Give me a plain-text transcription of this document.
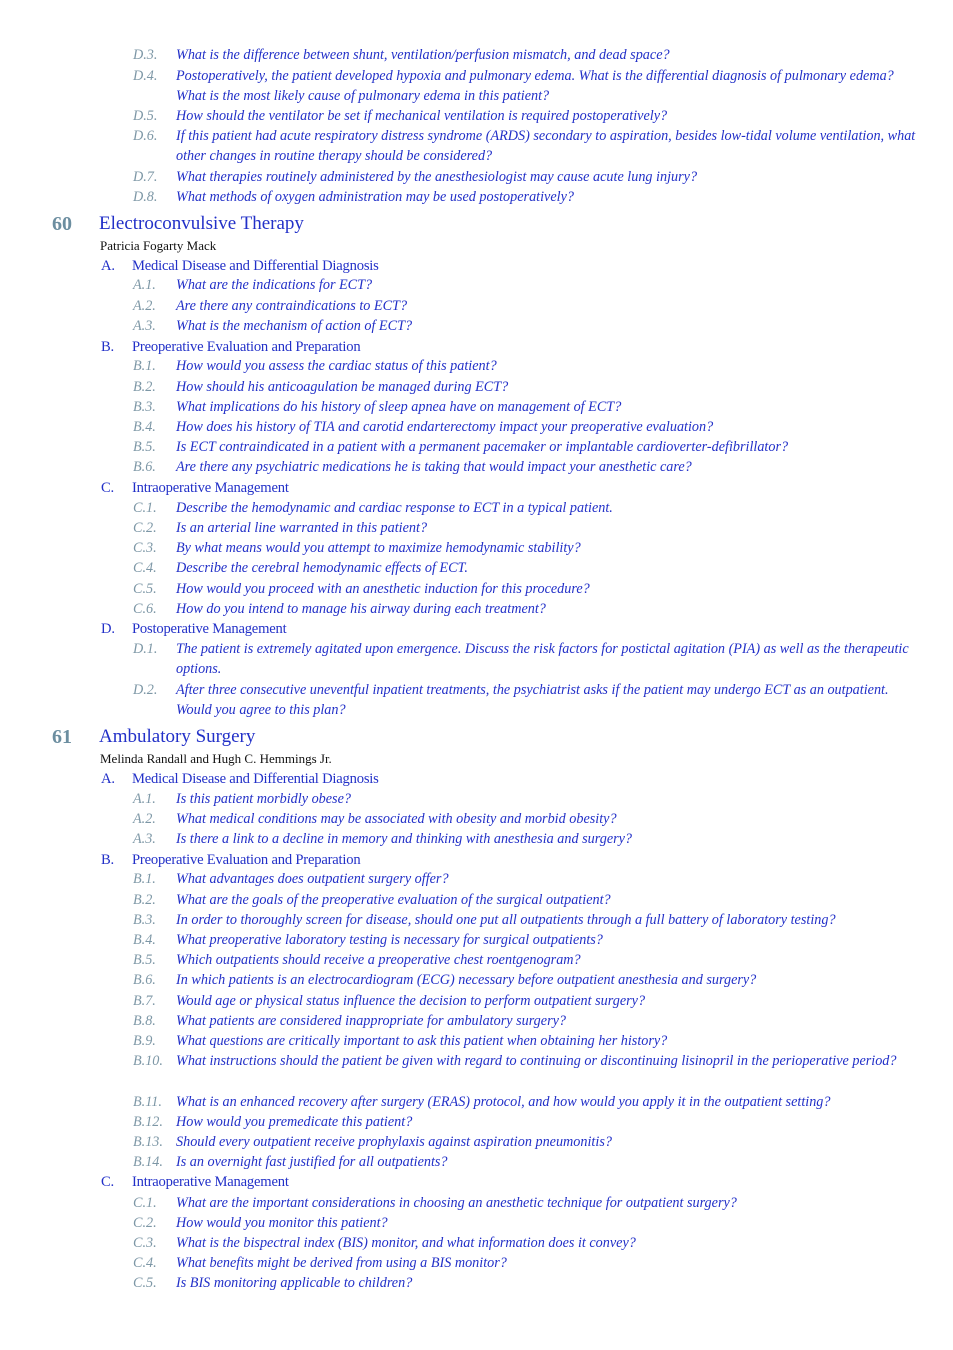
D.3.	What is the difference between shunt, ventilation/perfusion mismatch, and dead space?
D.4.	Postoperatively, the patient developed hypoxia and pulmonary edema. What is the differential diagnosis of pulmonary edema? What is the most likely cause of pulmonary edema in this patient?
D.5.	How should the ventilator be set if mechanical ventilation is required postoperatively?
D.6.	If this patient had acute respiratory distress syndrome (ARDS) secondary to aspiration, besides low-tidal volume ventilation, what other changes in routine therapy should be considered?
D.7.	What therapies routinely administered by the anesthesiologist may cause acute lung injury?
D.8.	What methods of oxygen administration may be used postoperatively?
60 Electroconvulsive Therapy
Patricia Fogarty Mack
A. Medical Disease and Differential Diagnosis
A.1.	What are the indications for ECT?
A.2.	Are there any contraindications to ECT?
A.3.	What is the mechanism of action of ECT?
B. Preoperative Evaluation and Preparation
B.1.	How would you assess the cardiac status of this patient?
B.2.	How should his anticoagulation be managed during ECT?
B.3.	What implications do his history of sleep apnea have on management of ECT?
B.4.	How does his history of TIA and carotid endarterectomy impact your preoperative evaluation?
B.5.	Is ECT contraindicated in a patient with a permanent pacemaker or implantable cardioverter-defibrillator?
B.6.	Are there any psychiatric medications he is taking that would impact your anesthetic care?
C. Intraoperative Management
C.1.	Describe the hemodynamic and cardiac response to ECT in a typical patient.
C.2.	Is an arterial line warranted in this patient?
C.3.	By what means would you attempt to maximize hemodynamic stability?
C.4.	Describe the cerebral hemodynamic effects of ECT.
C.5.	How would you proceed with an anesthetic induction for this procedure?
C.6.	How do you intend to manage his airway during each treatment?
D. Postoperative Management
D.1.	The patient is extremely agitated upon emergence. Discuss the risk factors for postictal agitation (PIA) as well as the therapeutic options.
D.2.	After three consecutive uneventful inpatient treatments, the psychiatrist asks if the patient may undergo ECT as an outpatient. Would you agree to this plan?
61 Ambulatory Surgery
Melinda Randall and Hugh C. Hemmings Jr.
A. Medical Disease and Differential Diagnosis
A.1.	Is this patient morbidly obese?
A.2.	What medical conditions may be associated with obesity and morbid obesity?
A.3.	Is there a link to a decline in memory and thinking with anesthesia and surgery?
B. Preoperative Evaluation and Preparation
B.1.	What advantages does outpatient surgery offer?
B.2.	What are the goals of the preoperative evaluation of the surgical outpatient?
B.3.	In order to thoroughly screen for disease, should one put all outpatients through a full battery of laboratory testing?
B.4.	What preoperative laboratory testing is necessary for surgical outpatients?
B.5.	Which outpatients should receive a preoperative chest roentgenogram?
B.6.	In which patients is an electrocardiogram (ECG) necessary before outpatient anesthesia and surgery?
B.7.	Would age or physical status influence the decision to perform outpatient surgery?
B.8.	What patients are considered inappropriate for ambulatory surgery?
B.9.	What questions are critically important to ask this patient when obtaining her history?
B.10. What instructions should the patient be given with regard to continuing or discontinuing lisinopril in the perioperative period?
B.11. What is an enhanced recovery after surgery (ERAS) protocol, and how would you apply it in the outpatient setting?
B.12. How would you premedicate this patient?
B.13. Should every outpatient receive prophylaxis against aspiration pneumonitis?
B.14. Is an overnight fast justified for all outpatients?
C. Intraoperative Management
C.1.	What are the important considerations in choosing an anesthetic technique for outpatient surgery?
C.2.	How would you monitor this patient?
C.3.	What is the bispectral index (BIS) monitor, and what information does it convey?
C.4.	What benefits might be derived from using a BIS monitor?
C.5.	Is BIS monitoring applicable to children?
